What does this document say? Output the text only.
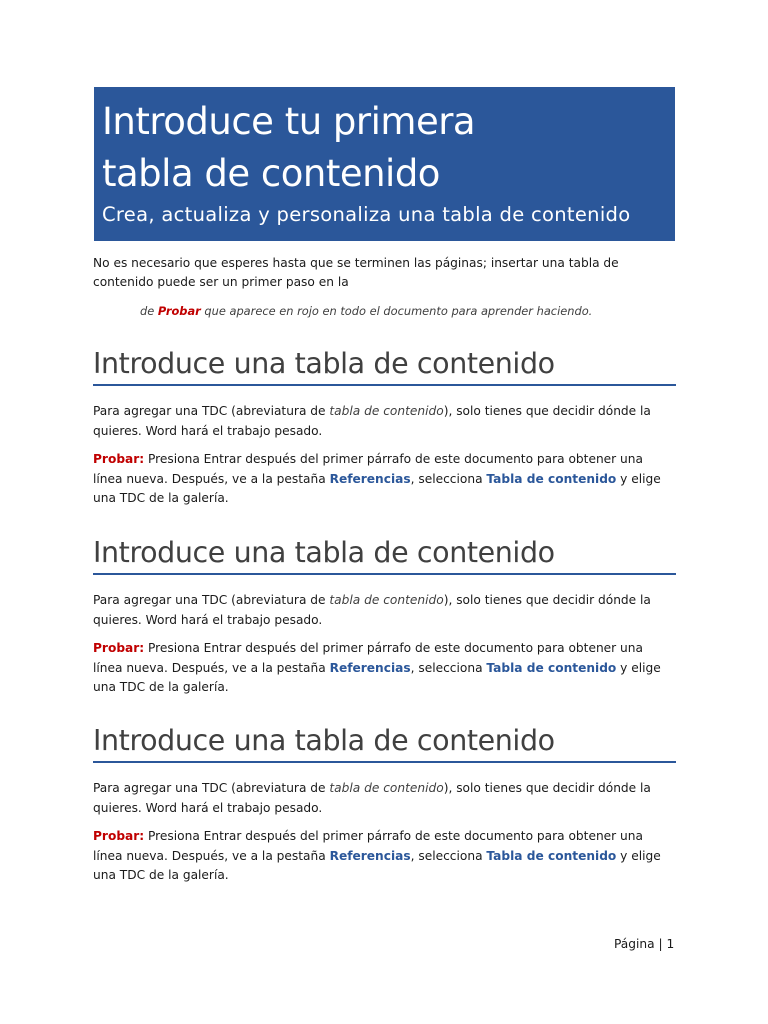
Introduce tu primera
tabla de contenido
Crea, actualiza y personaliza una tabla de contenido

No es necesario que esperes hasta que se terminen las páginas; insertar una tabla de contenido puede ser un primer paso en la

de Probar que aparece en rojo en todo el documento para aprender haciendo.
Introduce una tabla de contenido

Para agregar una TDC (abreviatura de tabla de contenido), solo tienes que decidir dónde la quieres. Word hará el trabajo pesado.

Probar: Presiona Entrar después del primer párrafo de este documento para obtener una línea nueva. Después, ve a la pestaña Referencias, selecciona Tabla de contenido y elige una TDC de la galería.

Introduce una tabla de contenido

Para agregar una TDC (abreviatura de tabla de contenido), solo tienes que decidir dónde la quieres. Word hará el trabajo pesado.

Probar: Presiona Entrar después del primer párrafo de este documento para obtener una línea nueva. Después, ve a la pestaña Referencias, selecciona Tabla de contenido y elige una TDC de la galería.

Introduce una tabla de contenido

Para agregar una TDC (abreviatura de tabla de contenido), solo tienes que decidir dónde la quieres. Word hará el trabajo pesado.

Probar: Presiona Entrar después del primer párrafo de este documento para obtener una línea nueva. Después, ve a la pestaña Referencias, selecciona Tabla de contenido y elige una TDC de la galería.

Página | 1
